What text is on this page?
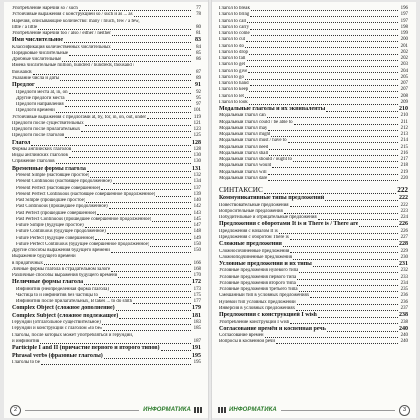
Употребление наречий so / such	77
Устойчивые выражения с конструкцией so / such и as ... as	78
Наречия, описывающие количество: many / much, few / a few,
little / a little	80
Употребление наречий too / also / either / neither	81
Имя числительное	83
Классификация количественных числительных	84
Порядковые числительные	85
Дробные числительные	86
Имена числительные million, hundred / hundreds, thousand /
thousands	87
Указание числа и даты	89
Предлог	91
Предлоги места at, in, on	92
Другие предлоги места	95
Предлоги направления	97
Предлоги времени	101
Устойчивые выражения с предлогами at, by, for, in, on, out, under	119
Предлоги после существительных	121
Предлоги после прилагательных	123
Предлоги после глаголов	125
Глагол	128
Формы английских глаголов	128
Виды английских глаголов	130
Спряжение глаголов	130
Временные формы глагола	131
Present Simple (настоящее простое)	132
Present Continuous (настоящее продолженное)	134
Present Perfect (настоящее совершенное)	137
Present Perfect Continuous (настоящее совершенное продолженное)	139
Past Simple (прошедшее простое)	140
Past Continuous (прошедшее продолженное)	142
Past Perfect (прошедшее совершенное)	143
Past Perfect Continuous (прошедшее совершенное продолженное)	145
Future Simple (будущее простое)	147
Future Continuous (будущее продолженное)	148
Future Perfect (будущее совершенное)	149
Future Perfect Continuous (будущее совершенное продолженное)	150
Другие способы выражения будущего времени	150
Выражение будущего времени
в придаточных	166
Личные формы глагола в страдательном залоге	168
Различные способы выражения будущего времени	170
Неличные формы глагола	172
Инфинитив (неопределённая форма глагола)	173
Частица to и инфинитив без частицы to	175
Инфинитив после прилагательных, B takes ... to do smth	177
Complex Object (сложное дополнение)	179
Complex Subject (сложное подлежащее)	181
Герундий (отглагольное существительное)	183
Герундий и конструкции с глаголом «to be»	185
Глаголы, после которых может употребляться и герундий,
и инфинитив	187
Participle I and II (причастие первого и второго типов)	191
Phrasal verbs (фразовые глаголы)	195
Глаголы to be	195
2	ИНФОРМАТИКА
Глагол to break	196
Глагол to bring	197
Глагол to call	197
Глагол to carry	198
Глагол to come	199
Глагол to cut	200
Глагол to do	201
Глагол to drop	202
Глагол to fall	202
Глагол to get	203
Глагол to give	204
Глагол to go	205
Глагол to hand	207
Глагол to keep	207
Глагол to let	208
Глагол to look	209
Модальные глаголы и их эквиваленты	210
Модальный глагол can	210
Модальный глагол could / be able to	211
Модальный глагол may	212
Модальный глагол might	213
Модальный глагол must / have to	214
Модальный глагол need	215
Модальный глагол shall	216
Модальный глагол should / ought to	217
Модальный глагол would	218
Модальный глагол will	219
Модальный глагол dare	220
СИНТАКСИС	222
Коммуникативные типы предложений	222
Повествовательные предложения	222
Вопросительные предложения	223
Побудительные и отрицательные предложения	224
Предложения с оборотами It is и There is / There are	226
Предложения с началом It is	226
Предложения с оборотом There is	227
Сложные предложения	228
Сложносочинённые предложения	229
Сложноподчинённые предложения	230
Условные предложения и их типы	231
Условные предложения нулевого типа	232
Условные предложения первого типа	233
Условные предложения второго типа	234
Условные предложения третьего типа	235
Смешанный тип в условных предложениях	236
Нулевой тип условных предложений	236
Инверсия в условных предложениях	237
Предложения с конструкцией I wish	238
Употребление конструкции I wish	238
Согласование времён и косвенная речь	240
Согласование времён	240
Вопросы в косвенной речи	240
ИНФОРМАТИКА	3
